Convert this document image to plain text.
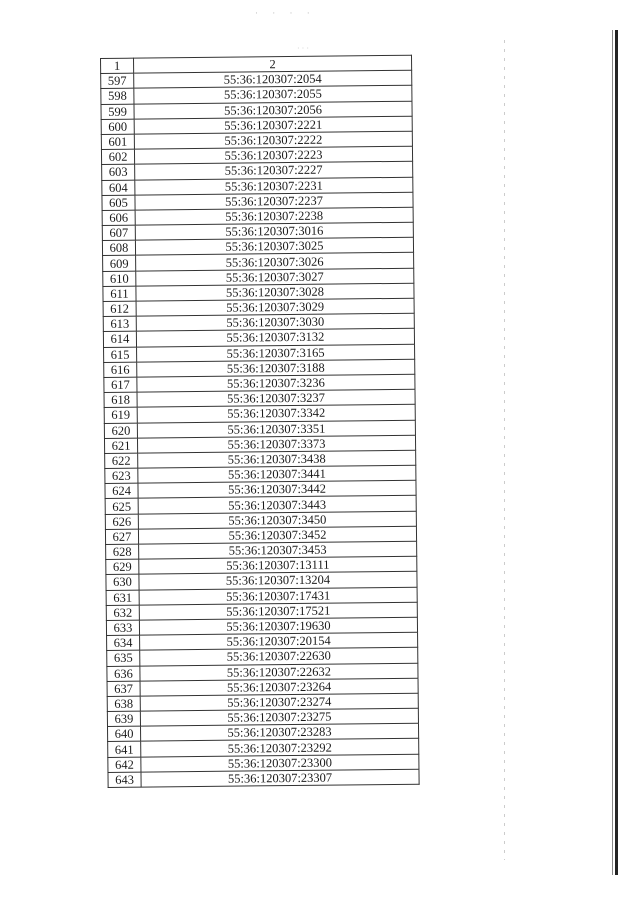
· · · ·
· · ·
1	2
597	55:36:120307:2054
598	55:36:120307:2055
599	55:36:120307:2056
600	55:36:120307:2221
601	55:36:120307:2222
602	55:36:120307:2223
603	55:36:120307:2227
604	55:36:120307:2231
605	55:36:120307:2237
606	55:36:120307:2238
607	55:36:120307:3016
608	55:36:120307:3025
609	55:36:120307:3026
610	55:36:120307:3027
611	55:36:120307:3028
612	55:36:120307:3029
613	55:36:120307:3030
614	55:36:120307:3132
615	55:36:120307:3165
616	55:36:120307:3188
617	55:36:120307:3236
618	55:36:120307:3237
619	55:36:120307:3342
620	55:36:120307:3351
621	55:36:120307:3373
622	55:36:120307:3438
623	55:36:120307:3441
624	55:36:120307:3442
625	55:36:120307:3443
626	55:36:120307:3450
627	55:36:120307:3452
628	55:36:120307:3453
629	55:36:120307:13111
630	55:36:120307:13204
631	55:36:120307:17431
632	55:36:120307:17521
633	55:36:120307:19630
634	55:36:120307:20154
635	55:36:120307:22630
636	55:36:120307:22632
637	55:36:120307:23264
638	55:36:120307:23274
639	55:36:120307:23275
640	55:36:120307:23283
641	55:36:120307:23292
642	55:36:120307:23300
643	55:36:120307:23307
